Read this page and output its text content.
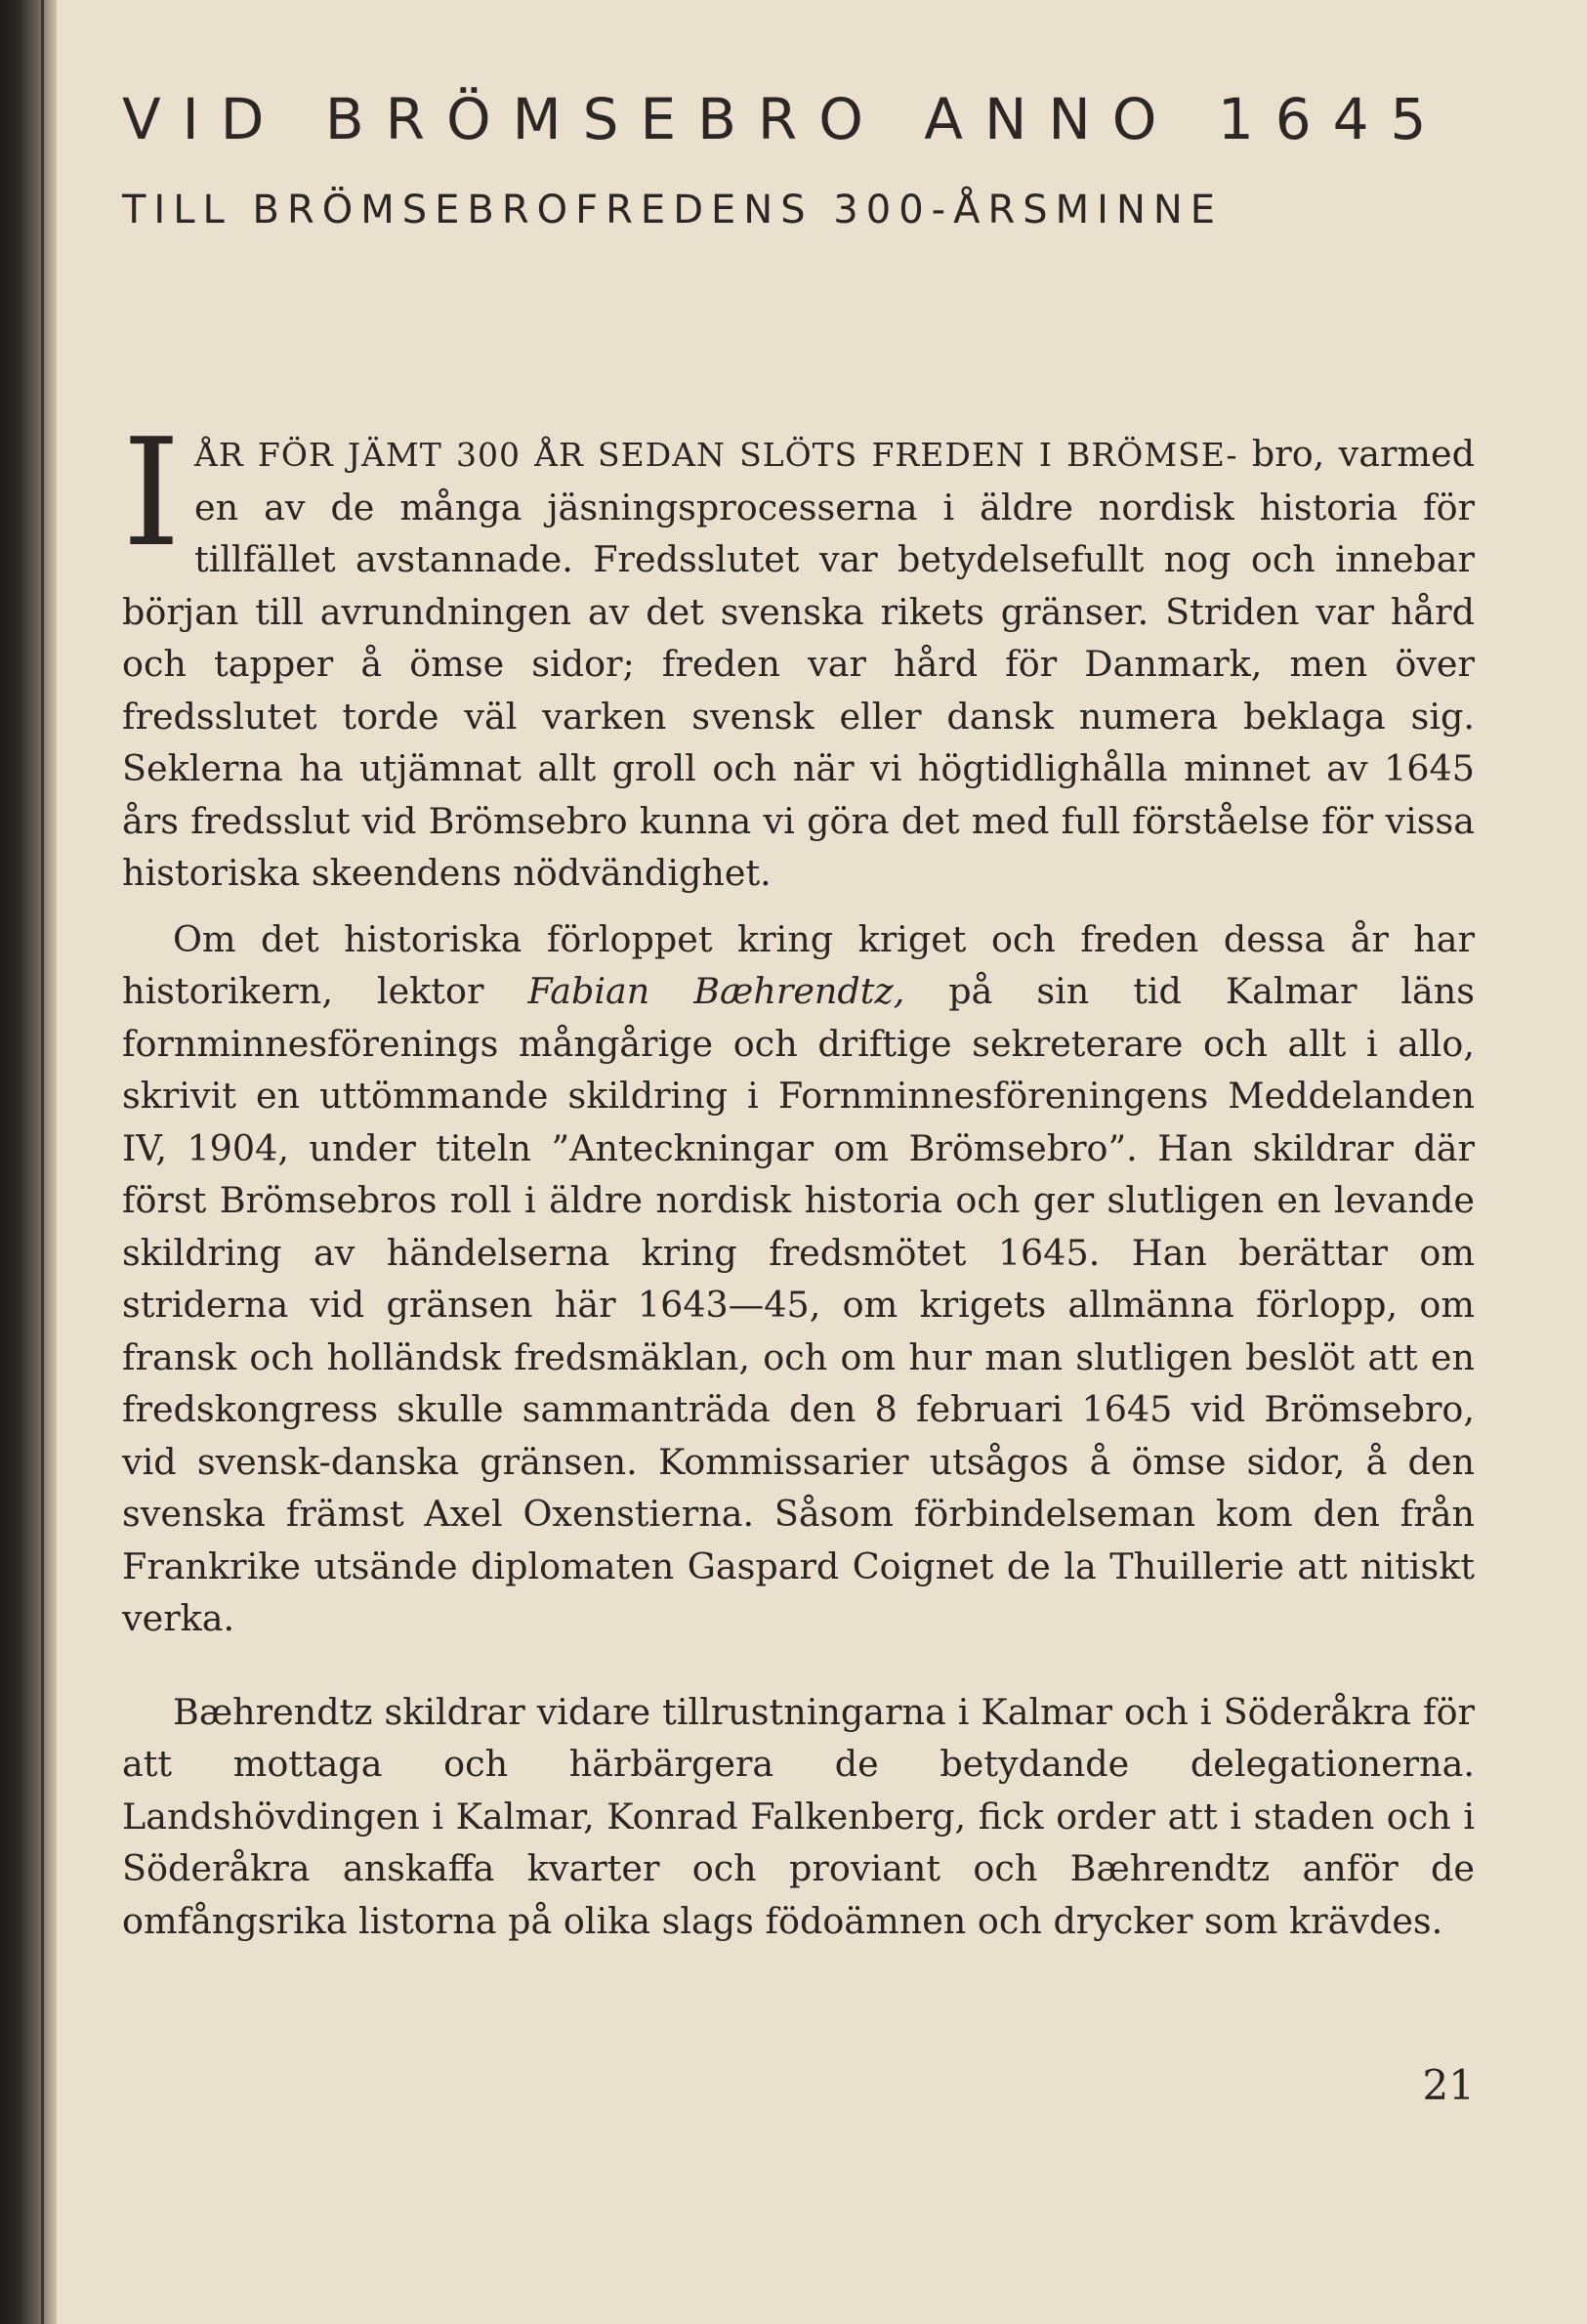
VID BRÖMSEBRO ANNO 1645
TILL BRÖMSEBROFREDENS 300-ÅRSMINNE

IÅR FÖR JÄMT 300 ÅR SEDAN SLÖTS FREDEN I BRÖMSE- bro, varmed en av de många jäsningsprocesserna i äldre nordisk historia för tillfället avstannade. Fredsslutet var betydelsefullt nog och innebar början till avrundningen av det svenska rikets gränser. Striden var hård och tapper å ömse sidor; freden var hård för Danmark, men över fredsslutet torde väl varken svensk eller dansk numera beklaga sig. Seklerna ha utjämnat allt groll och när vi högtidlighålla minnet av 1645 års fredsslut vid Brömsebro kunna vi göra det med full förståelse för vissa historiska skeendens nödvändighet.

Om det historiska förloppet kring kriget och freden dessa år har historikern, lektor Fabian Bæhrendtz, på sin tid Kalmar läns fornminnesförenings mångårige och driftige sekreterare och allt i allo, skrivit en uttömmande skildring i Fornminnesföreningens Meddelanden IV, 1904, under titeln ”Anteckningar om Brömsebro”. Han skildrar där först Brömsebros roll i äldre nordisk historia och ger slutligen en levande skildring av händelserna kring fredsmötet 1645. Han berättar om striderna vid gränsen här 1643—45, om krigets allmänna förlopp, om fransk och holländsk fredsmäklan, och om hur man slutligen beslöt att en fredskongress skulle sammanträda den 8 februari 1645 vid Brömsebro, vid svensk-danska gränsen. Kommissarier utsågos å ömse sidor, å den svenska främst Axel Oxenstierna. Såsom förbindelseman kom den från Frankrike utsände diplomaten Gaspard Coignet de la Thuillerie att nitiskt verka.

Bæhrendtz skildrar vidare tillrustningarna i Kalmar och i Söderåkra för att mottaga och härbärgera de betydande delegationerna. Landshövdingen i Kalmar, Konrad Falkenberg, fick order att i staden och i Söderåkra anskaffa kvarter och proviant och Bæhrendtz anför de omfångsrika listorna på olika slags födoämnen och drycker som krävdes.

21
